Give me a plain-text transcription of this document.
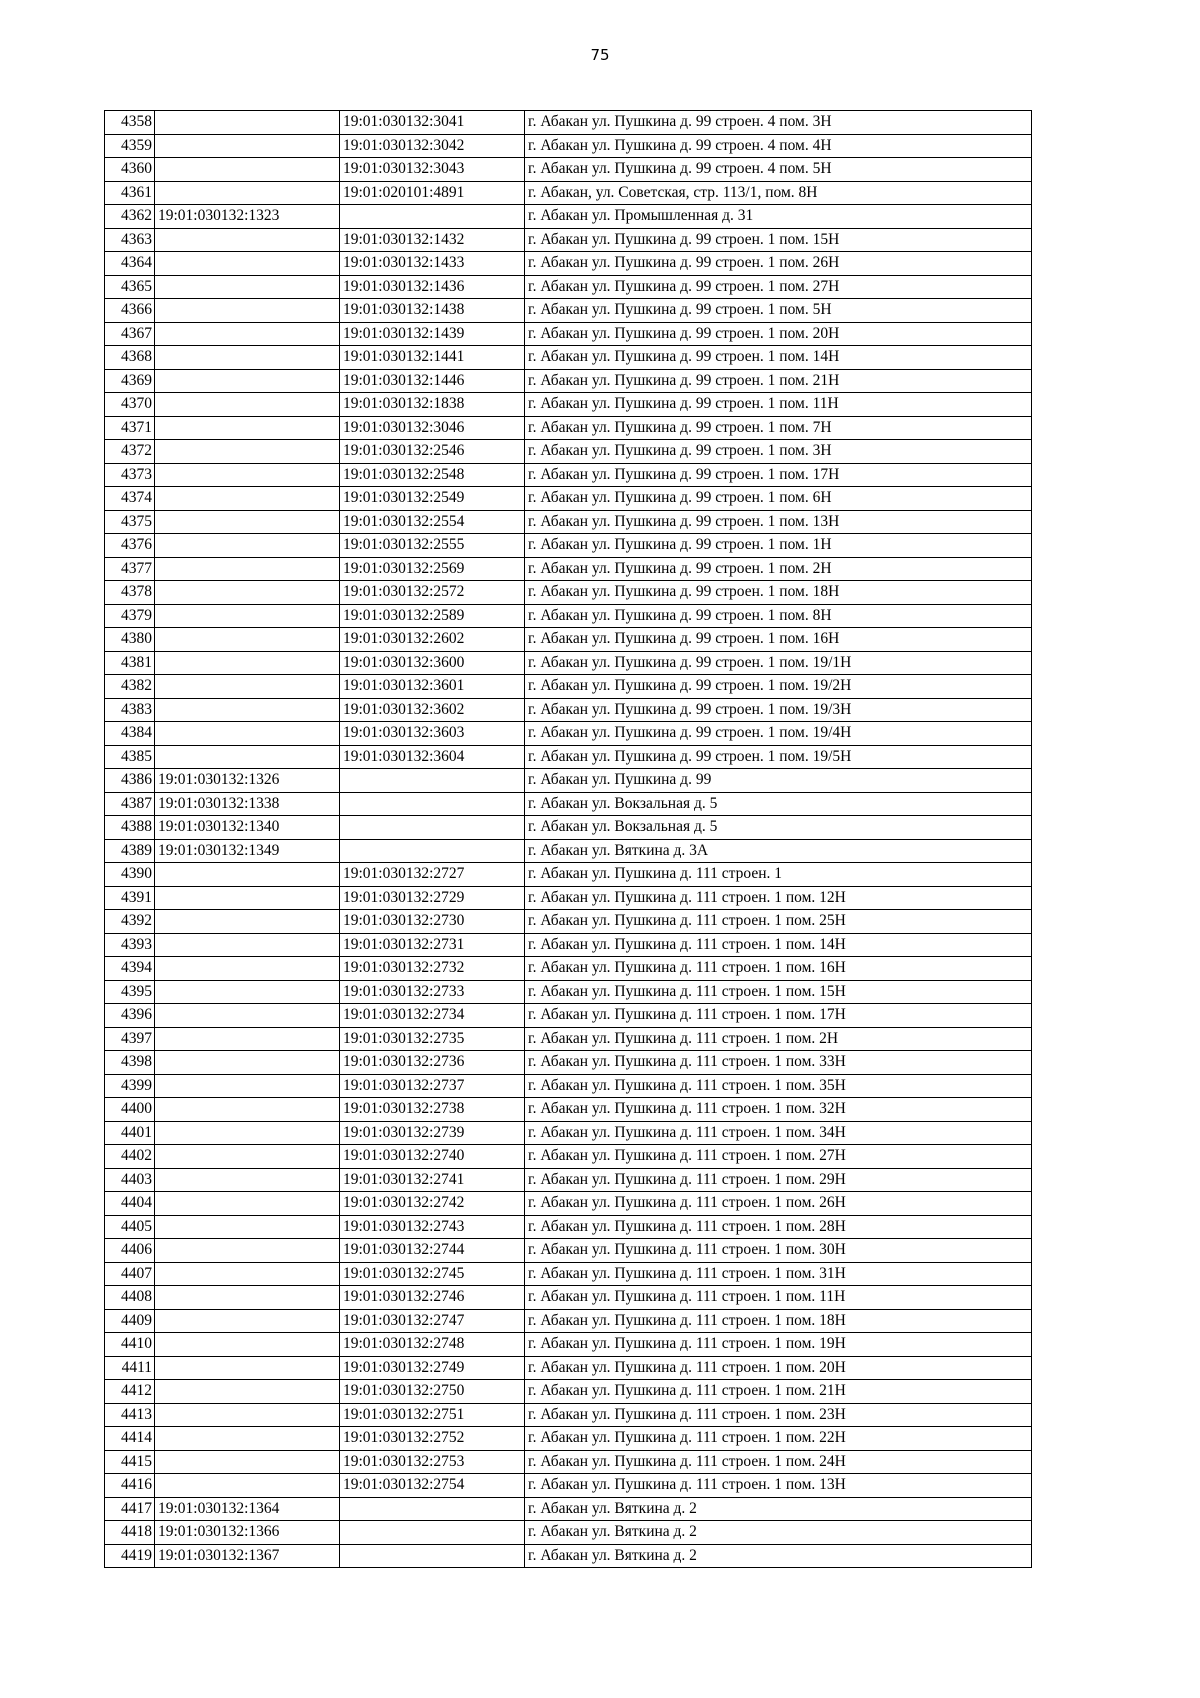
75
4358		19:01:030132:3041	г. Абакан ул. Пушкина д. 99 строен. 4 пом. 3Н
4359		19:01:030132:3042	г. Абакан ул. Пушкина д. 99 строен. 4 пом. 4Н
4360		19:01:030132:3043	г. Абакан ул. Пушкина д. 99 строен. 4 пом. 5Н
4361		19:01:020101:4891	г. Абакан, ул. Советская, стр. 113/1, пом. 8Н
4362	19:01:030132:1323		г. Абакан ул. Промышленная д. 31
4363		19:01:030132:1432	г. Абакан ул. Пушкина д. 99 строен. 1 пом. 15Н
4364		19:01:030132:1433	г. Абакан ул. Пушкина д. 99 строен. 1 пом. 26Н
4365		19:01:030132:1436	г. Абакан ул. Пушкина д. 99 строен. 1 пом. 27Н
4366		19:01:030132:1438	г. Абакан ул. Пушкина д. 99 строен. 1 пом. 5Н
4367		19:01:030132:1439	г. Абакан ул. Пушкина д. 99 строен. 1 пом. 20Н
4368		19:01:030132:1441	г. Абакан ул. Пушкина д. 99 строен. 1 пом. 14Н
4369		19:01:030132:1446	г. Абакан ул. Пушкина д. 99 строен. 1 пом. 21Н
4370		19:01:030132:1838	г. Абакан ул. Пушкина д. 99 строен. 1 пом. 11Н
4371		19:01:030132:3046	г. Абакан ул. Пушкина д. 99 строен. 1 пом. 7Н
4372		19:01:030132:2546	г. Абакан ул. Пушкина д. 99 строен. 1 пом. 3Н
4373		19:01:030132:2548	г. Абакан ул. Пушкина д. 99 строен. 1 пом. 17Н
4374		19:01:030132:2549	г. Абакан ул. Пушкина д. 99 строен. 1 пом. 6Н
4375		19:01:030132:2554	г. Абакан ул. Пушкина д. 99 строен. 1 пом. 13Н
4376		19:01:030132:2555	г. Абакан ул. Пушкина д. 99 строен. 1 пом. 1Н
4377		19:01:030132:2569	г. Абакан ул. Пушкина д. 99 строен. 1 пом. 2Н
4378		19:01:030132:2572	г. Абакан ул. Пушкина д. 99 строен. 1 пом. 18Н
4379		19:01:030132:2589	г. Абакан ул. Пушкина д. 99 строен. 1 пом. 8Н
4380		19:01:030132:2602	г. Абакан ул. Пушкина д. 99 строен. 1 пом. 16Н
4381		19:01:030132:3600	г. Абакан ул. Пушкина д. 99 строен. 1 пом. 19/1Н
4382		19:01:030132:3601	г. Абакан ул. Пушкина д. 99 строен. 1 пом. 19/2Н
4383		19:01:030132:3602	г. Абакан ул. Пушкина д. 99 строен. 1 пом. 19/3Н
4384		19:01:030132:3603	г. Абакан ул. Пушкина д. 99 строен. 1 пом. 19/4Н
4385		19:01:030132:3604	г. Абакан ул. Пушкина д. 99 строен. 1 пом. 19/5Н
4386	19:01:030132:1326		г. Абакан ул. Пушкина д. 99
4387	19:01:030132:1338		г. Абакан ул. Вокзальная д. 5
4388	19:01:030132:1340		г. Абакан ул. Вокзальная д. 5
4389	19:01:030132:1349		г. Абакан ул. Вяткина д. 3А
4390		19:01:030132:2727	г. Абакан ул. Пушкина д. 111 строен. 1
4391		19:01:030132:2729	г. Абакан ул. Пушкина д. 111 строен. 1 пом. 12Н
4392		19:01:030132:2730	г. Абакан ул. Пушкина д. 111 строен. 1 пом. 25Н
4393		19:01:030132:2731	г. Абакан ул. Пушкина д. 111 строен. 1 пом. 14Н
4394		19:01:030132:2732	г. Абакан ул. Пушкина д. 111 строен. 1 пом. 16Н
4395		19:01:030132:2733	г. Абакан ул. Пушкина д. 111 строен. 1 пом. 15Н
4396		19:01:030132:2734	г. Абакан ул. Пушкина д. 111 строен. 1 пом. 17Н
4397		19:01:030132:2735	г. Абакан ул. Пушкина д. 111 строен. 1 пом. 2Н
4398		19:01:030132:2736	г. Абакан ул. Пушкина д. 111 строен. 1 пом. 33Н
4399		19:01:030132:2737	г. Абакан ул. Пушкина д. 111 строен. 1 пом. 35Н
4400		19:01:030132:2738	г. Абакан ул. Пушкина д. 111 строен. 1 пом. 32Н
4401		19:01:030132:2739	г. Абакан ул. Пушкина д. 111 строен. 1 пом. 34Н
4402		19:01:030132:2740	г. Абакан ул. Пушкина д. 111 строен. 1 пом. 27Н
4403		19:01:030132:2741	г. Абакан ул. Пушкина д. 111 строен. 1 пом. 29Н
4404		19:01:030132:2742	г. Абакан ул. Пушкина д. 111 строен. 1 пом. 26Н
4405		19:01:030132:2743	г. Абакан ул. Пушкина д. 111 строен. 1 пом. 28Н
4406		19:01:030132:2744	г. Абакан ул. Пушкина д. 111 строен. 1 пом. 30Н
4407		19:01:030132:2745	г. Абакан ул. Пушкина д. 111 строен. 1 пом. 31Н
4408		19:01:030132:2746	г. Абакан ул. Пушкина д. 111 строен. 1 пом. 11Н
4409		19:01:030132:2747	г. Абакан ул. Пушкина д. 111 строен. 1 пом. 18Н
4410		19:01:030132:2748	г. Абакан ул. Пушкина д. 111 строен. 1 пом. 19Н
4411		19:01:030132:2749	г. Абакан ул. Пушкина д. 111 строен. 1 пом. 20Н
4412		19:01:030132:2750	г. Абакан ул. Пушкина д. 111 строен. 1 пом. 21Н
4413		19:01:030132:2751	г. Абакан ул. Пушкина д. 111 строен. 1 пом. 23Н
4414		19:01:030132:2752	г. Абакан ул. Пушкина д. 111 строен. 1 пом. 22Н
4415		19:01:030132:2753	г. Абакан ул. Пушкина д. 111 строен. 1 пом. 24Н
4416		19:01:030132:2754	г. Абакан ул. Пушкина д. 111 строен. 1 пом. 13Н
4417	19:01:030132:1364		г. Абакан ул. Вяткина д. 2
4418	19:01:030132:1366		г. Абакан ул. Вяткина д. 2
4419	19:01:030132:1367		г. Абакан ул. Вяткина д. 2
